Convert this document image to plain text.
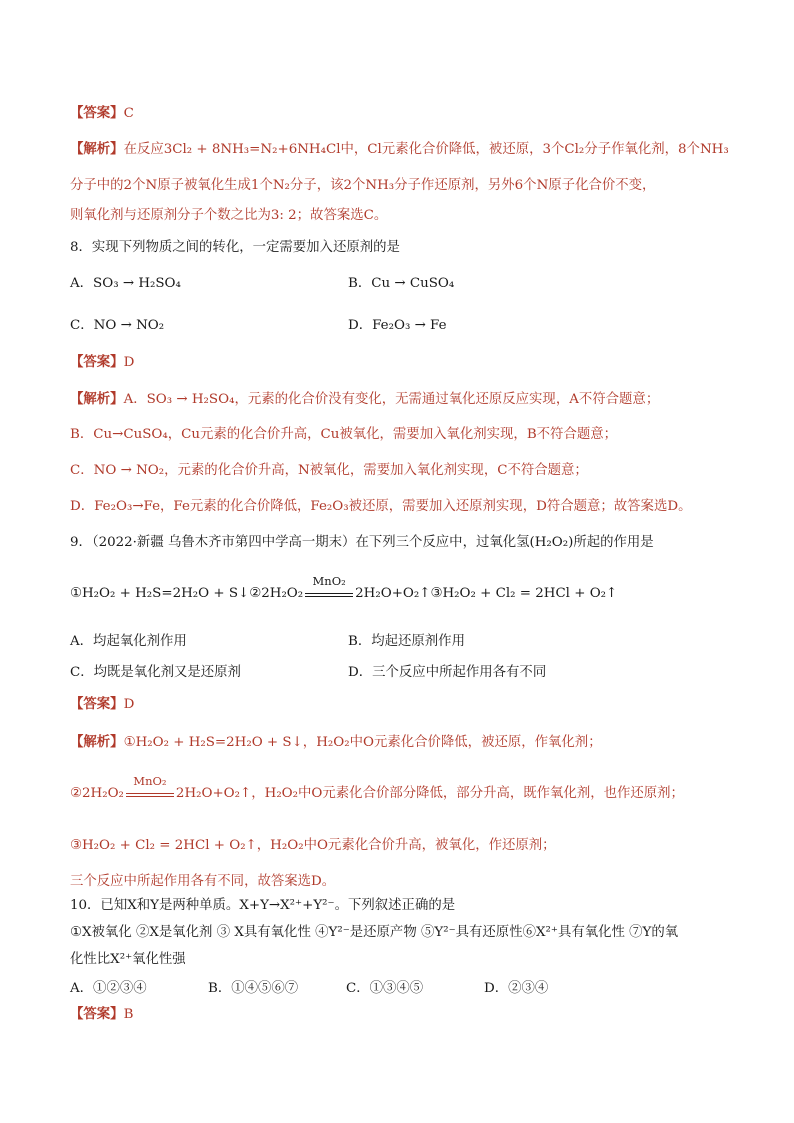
【答案】C
【解析】在反应3Cl₂ + 8NH₃=N₂+6NH₄Cl中，Cl元素化合价降低，被还原，3个Cl₂分子作氧化剂，8个NH₃
分子中的2个N原子被氧化生成1个N₂分子，该2个NH₃分子作还原剂，另外6个N原子化合价不变，
则氧化剂与还原剂分子个数之比为3: 2；故答案选C。
8．实现下列物质之间的转化，一定需要加入还原剂的是
A．SO₃ → H₂SO₄	B．Cu → CuSO₄
C．NO → NO₂	D．Fe₂O₃ → Fe
【答案】D
【解析】A．SO₃ → H₂SO₄，元素的化合价没有变化，无需通过氧化还原反应实现，A不符合题意；
B．Cu→CuSO₄，Cu元素的化合价升高，Cu被氧化，需要加入氧化剂实现，B不符合题意；
C．NO → NO₂，元素的化合价升高，N被氧化，需要加入氧化剂实现，C不符合题意；
D．Fe₂O₃→Fe，Fe元素的化合价降低，Fe₂O₃被还原，需要加入还原剂实现，D符合题意；故答案选D。
9．（2022·新疆 乌鲁木齐市第四中学高一期末）在下列三个反应中，过氧化氢(H₂O₂)所起的作用是
①H₂O₂ + H₂S=2H₂O + S↓②2H₂O₂
MnO₂
2H₂O+O₂↑③H₂O₂ + Cl₂ = 2HCl + O₂↑
A．均起氧化剂作用	B．均起还原剂作用
C．均既是氧化剂又是还原剂	D．三个反应中所起作用各有不同
【答案】D
【解析】①H₂O₂ + H₂S=2H₂O + S↓，H₂O₂中O元素化合价降低，被还原，作氧化剂；
②2H₂O₂
MnO₂
2H₂O+O₂↑，H₂O₂中O元素化合价部分降低，部分升高，既作氧化剂，也作还原剂；
③H₂O₂ + Cl₂ = 2HCl + O₂↑，H₂O₂中O元素化合价升高，被氧化，作还原剂；
三个反应中所起作用各有不同，故答案选D。
10．已知X和Y是两种单质。X+Y→X²⁺+Y²⁻。下列叙述正确的是
①X被氧化 ②X是氧化剂 ③ X具有氧化性 ④Y²⁻是还原产物 ⑤Y²⁻具有还原性⑥X²⁺具有氧化性 ⑦Y的氧
化性比X²⁺氧化性强
A．①②③④	B．①④⑤⑥⑦	C．①③④⑤	D．②③④
【答案】B
